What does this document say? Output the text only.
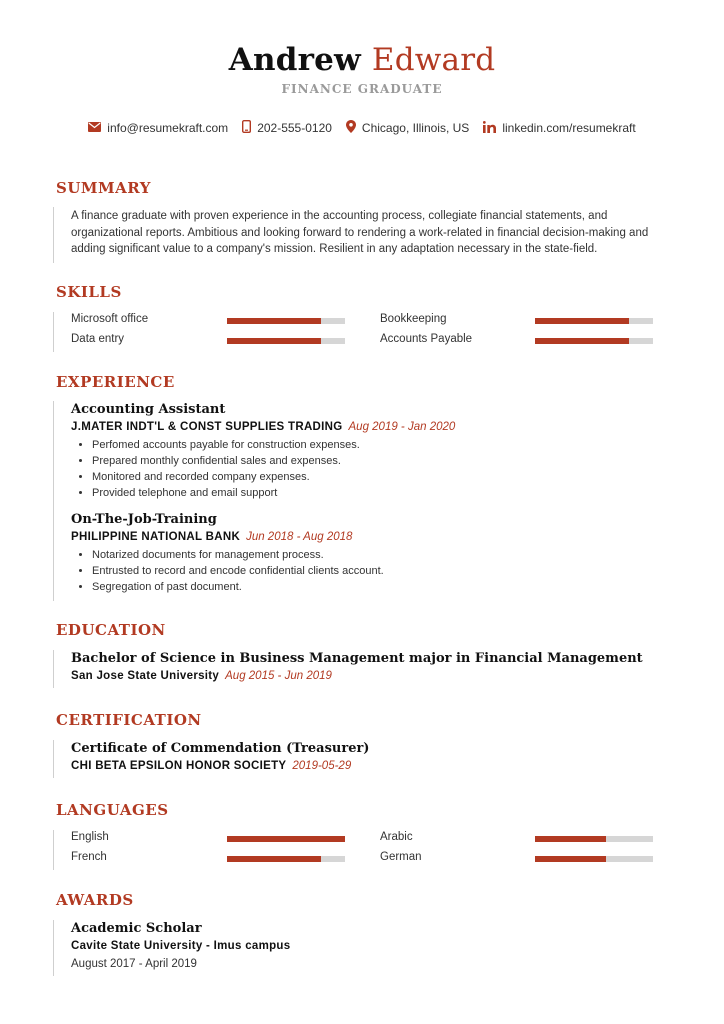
Andrew Edward
FINANCE GRADUATE
info@resumekraft.com 202-555-0120	Chicago, Illinois, US	linkedin.com/resumekraft
SUMMARY
A finance graduate with proven experience in the accounting process, collegiate financial statements, and organizational reports. Ambitious and looking forward to rendering a work-related in financial decision-making and adding significant value to a company's mission. Resilient in any adaptation necessary in the state-field.
SKILLS
Microsoft office	Bookkeeping
Data entry	Accounts Payable
EXPERIENCE
Accounting Assistant
J.MATER INDT'L & CONST SUPPLIES TRADING Aug 2019 - Jan 2020
• Perfomed accounts payable for construction expenses.
• Prepared monthly confidential sales and expenses.
• Monitored and recorded company expenses.
• Provided telephone and email support
On-The-Job-Training
PHILIPPINE NATIONAL BANK Jun 2018 - Aug 2018
• Notarized documents for management process.
• Entrusted to record and encode confidential clients account.
• Segregation of past document.
EDUCATION
Bachelor of Science in Business Management major in Financial Management
San Jose State University Aug 2015 - Jun 2019
CERTIFICATION
Certificate of Commendation (Treasurer)
CHI BETA EPSILON HONOR SOCIETY 2019-05-29
LANGUAGES
English	Arabic
French	German
AWARDS
Academic Scholar
Cavite State University - Imus campus
August 2017 - April 2019
